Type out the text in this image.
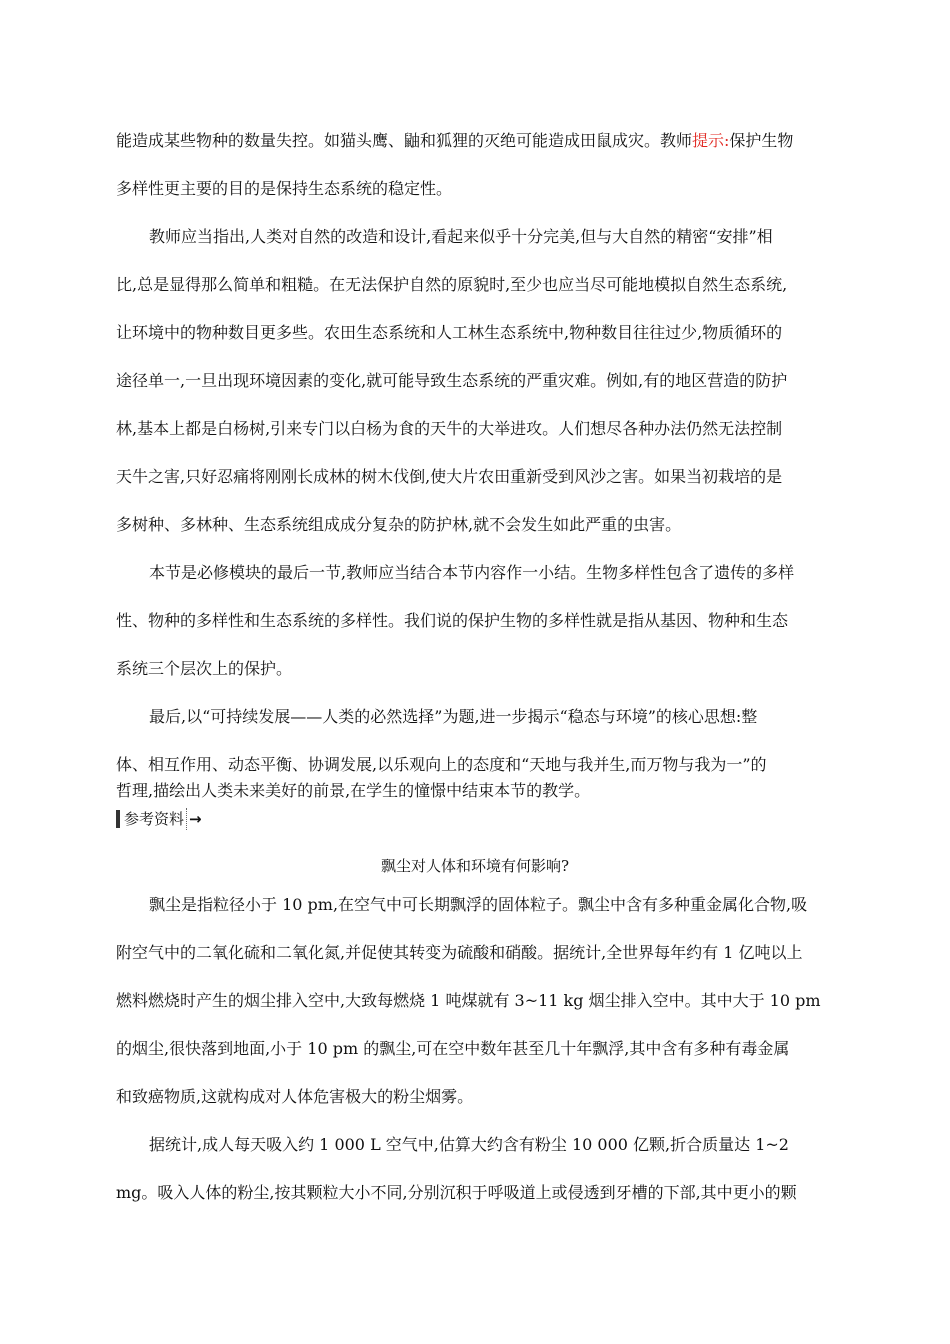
能造成某些物种的数量失控。如猫头鹰、鼬和狐狸的灭绝可能造成田鼠成灾。教师提示:保护生物
多样性更主要的目的是保持生态系统的稳定性。
教师应当指出,人类对自然的改造和设计,看起来似乎十分完美,但与大自然的精密“安排”相
比,总是显得那么简单和粗糙。在无法保护自然的原貌时,至少也应当尽可能地模拟自然生态系统,
让环境中的物种数目更多些。农田生态系统和人工林生态系统中,物种数目往往过少,物质循环的
途径单一,一旦出现环境因素的变化,就可能导致生态系统的严重灾难。例如,有的地区营造的防护
林,基本上都是白杨树,引来专门以白杨为食的天牛的大举进攻。人们想尽各种办法仍然无法控制
天牛之害,只好忍痛将刚刚长成林的树木伐倒,使大片农田重新受到风沙之害。如果当初栽培的是
多树种、多林种、生态系统组成成分复杂的防护林,就不会发生如此严重的虫害。
本节是必修模块的最后一节,教师应当结合本节内容作一小结。生物多样性包含了遗传的多样
性、物种的多样性和生态系统的多样性。我们说的保护生物的多样性就是指从基因、物种和生态
系统三个层次上的保护。
最后,以“可持续发展——人类的必然选择”为题,进一步揭示“稳态与环境”的核心思想:整
体、相互作用、动态平衡、协调发展,以乐观向上的态度和“天地与我并生,而万物与我为一”的
哲理,描绘出人类未来美好的前景,在学生的憧憬中结束本节的教学。
参考资料 →
飘尘对人体和环境有何影响?
飘尘是指粒径小于 10 pm,在空气中可长期飘浮的固体粒子。飘尘中含有多种重金属化合物,吸
附空气中的二氧化硫和二氧化氮,并促使其转变为硫酸和硝酸。据统计,全世界每年约有 1 亿吨以上
燃料燃烧时产生的烟尘排入空中,大致每燃烧 1 吨煤就有 3~11 kg 烟尘排入空中。其中大于 10 pm
的烟尘,很快落到地面,小于 10 pm 的飘尘,可在空中数年甚至几十年飘浮,其中含有多种有毒金属
和致癌物质,这就构成对人体危害极大的粉尘烟雾。
据统计,成人每天吸入约 1 000 L 空气中,估算大约含有粉尘 10 000 亿颗,折合质量达 1~2
mg。吸入人体的粉尘,按其颗粒大小不同,分别沉积于呼吸道上或侵透到牙槽的下部,其中更小的颗
